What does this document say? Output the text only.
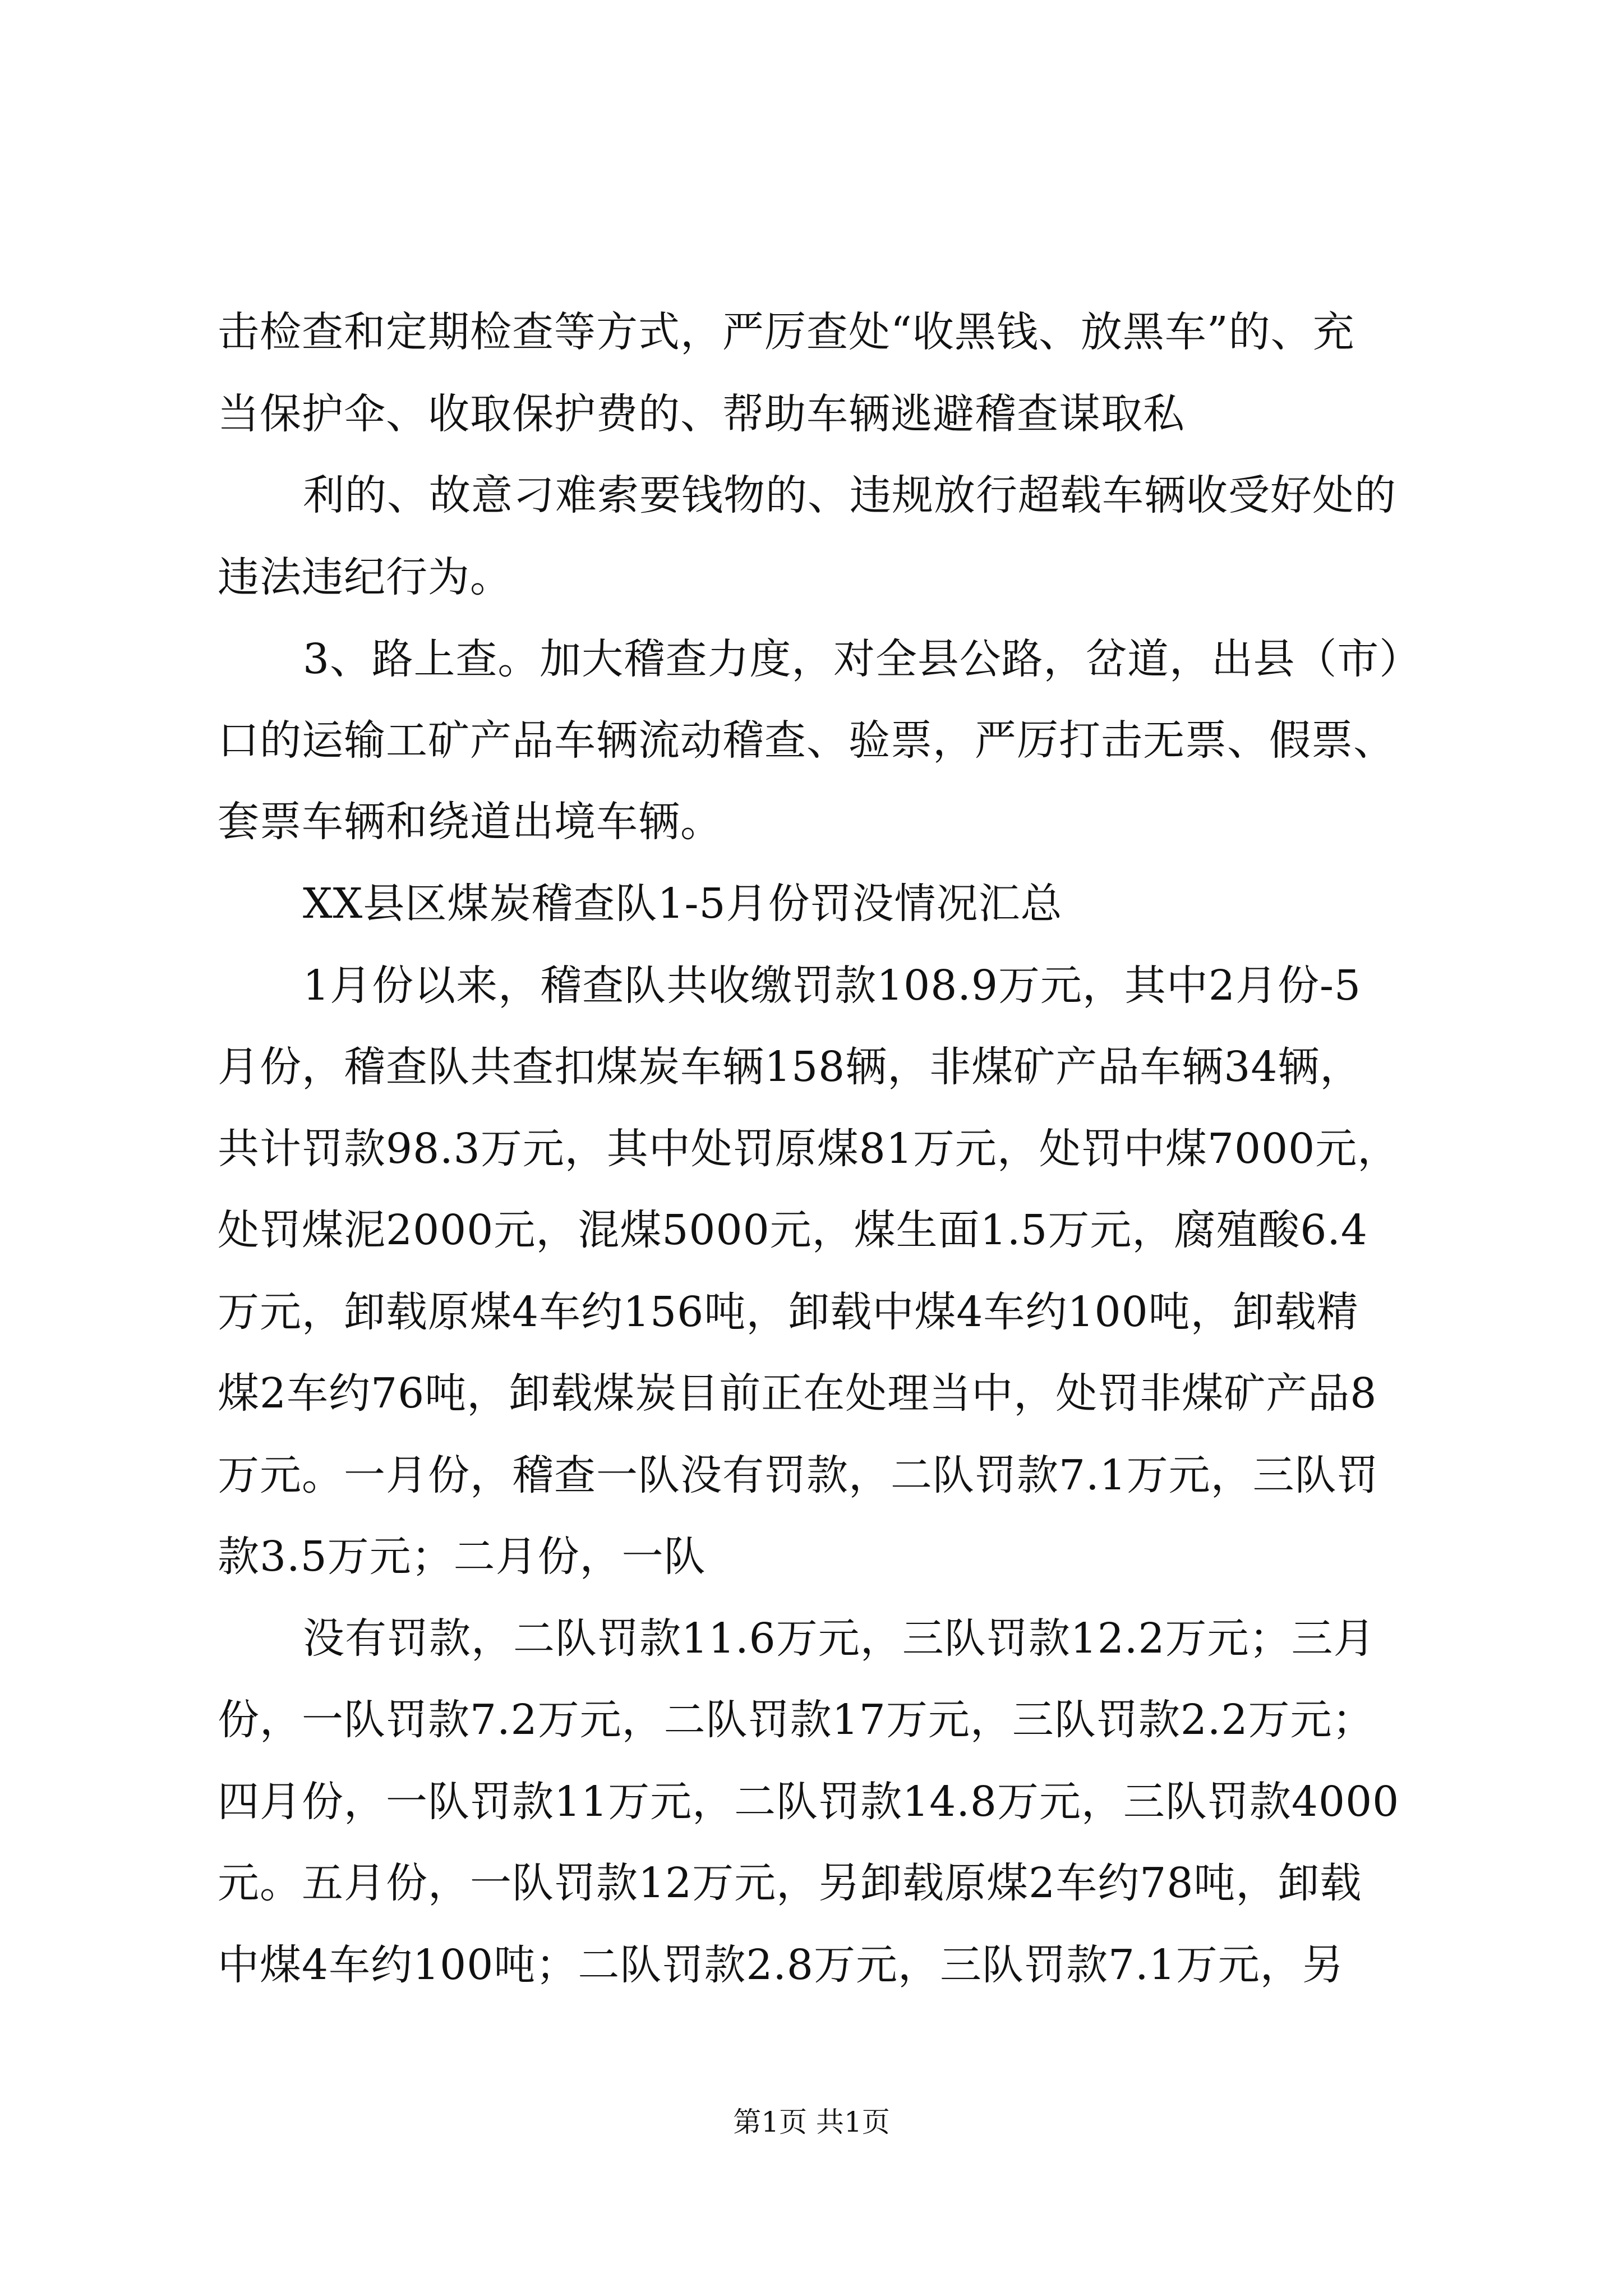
击检查和定期检查等方式，严厉查处“收黑钱、放黑车”的、充
当保护伞、收取保护费的、帮助车辆逃避稽查谋取私
利的、故意刁难索要钱物的、违规放行超载车辆收受好处的
违法违纪行为。
3、路上查。加大稽查力度，对全县公路，岔道，出县（市）
口的运输工矿产品车辆流动稽查、验票，严厉打击无票、假票、
套票车辆和绕道出境车辆。
XX县区煤炭稽查队1-5月份罚没情况汇总
1月份以来，稽查队共收缴罚款108.9万元，其中2月份-5
月份，稽查队共查扣煤炭车辆158辆，非煤矿产品车辆34辆，
共计罚款98.3万元，其中处罚原煤81万元，处罚中煤7000元，
处罚煤泥2000元，混煤5000元，煤生面1.5万元，腐殖酸6.4
万元，卸载原煤4车约156吨，卸载中煤4车约100吨，卸载精
煤2车约76吨，卸载煤炭目前正在处理当中，处罚非煤矿产品8
万元。一月份，稽查一队没有罚款，二队罚款7.1万元，三队罚
款3.5万元；二月份，一队
没有罚款，二队罚款11.6万元，三队罚款12.2万元；三月
份，一队罚款7.2万元，二队罚款17万元，三队罚款2.2万元；
四月份，一队罚款11万元，二队罚款14.8万元，三队罚款4000
元。五月份，一队罚款12万元，另卸载原煤2车约78吨，卸载
中煤4车约100吨；二队罚款2.8万元，三队罚款7.1万元，另
第1页 共1页
